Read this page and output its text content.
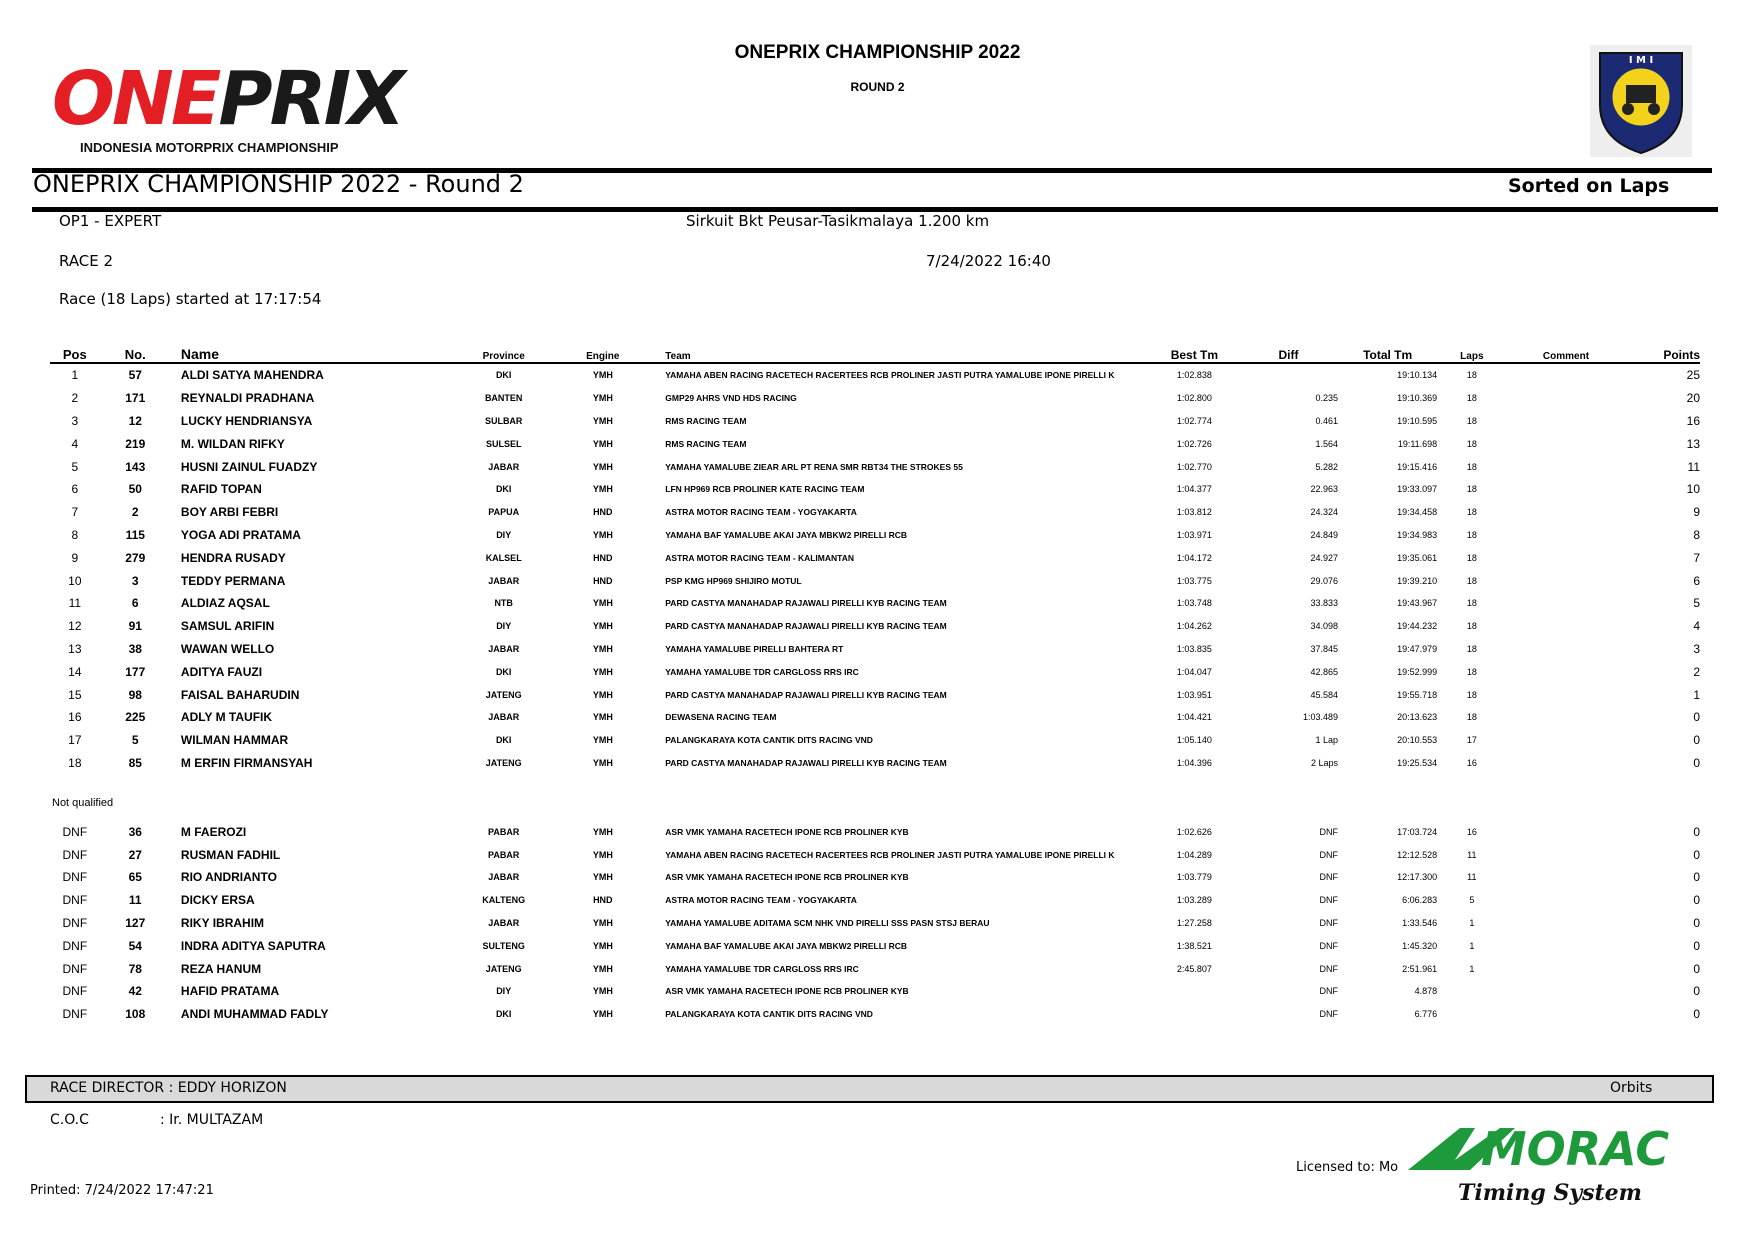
ONEPRIX
INDONESIA MOTORPRIX CHAMPIONSHIP
ONEPRIX CHAMPIONSHIP 2022
ROUND 2
I M I
ONEPRIX CHAMPIONSHIP 2022 - Round 2	Sorted on Laps
OP1 - EXPERT	Sirkuit Bkt Peusar-Tasikmalaya 1.200 km
RACE 2	7/24/2022 16:40
Race (18 Laps) started at 17:17:54
Pos	No.	Name	Province	Engine	Team	Best Tm	Diff	Total Tm	Laps	Comment	Points
1	57	ALDI SATYA MAHENDRA	DKI	YMH	YAMAHA ABEN RACING RACETECH RACERTEES RCB PROLINER JASTI PUTRA YAMALUBE IPONE PIRELLI K	1:02.838		19:10.134	18		25
2	171	REYNALDI PRADHANA	BANTEN	YMH	GMP29 AHRS VND HDS RACING	1:02.800	0.235	19:10.369	18		20
3	12	LUCKY HENDRIANSYA	SULBAR	YMH	RMS RACING TEAM	1:02.774	0.461	19:10.595	18		16
4	219	M. WILDAN RIFKY	SULSEL	YMH	RMS RACING TEAM	1:02.726	1.564	19:11.698	18		13
5	143	HUSNI ZAINUL FUADZY	JABAR	YMH	YAMAHA YAMALUBE ZIEAR ARL PT RENA SMR RBT34 THE STROKES 55	1:02.770	5.282	19:15.416	18		11
6	50	RAFID TOPAN	DKI	YMH	LFN HP969 RCB PROLINER KATE RACING TEAM	1:04.377	22.963	19:33.097	18		10
7	2	BOY ARBI FEBRI	PAPUA	HND	ASTRA MOTOR RACING TEAM - YOGYAKARTA	1:03.812	24.324	19:34.458	18		9
8	115	YOGA ADI PRATAMA	DIY	YMH	YAMAHA BAF YAMALUBE AKAI JAYA MBKW2 PIRELLI RCB	1:03.971	24.849	19:34.983	18		8
9	279	HENDRA RUSADY	KALSEL	HND	ASTRA MOTOR RACING TEAM - KALIMANTAN	1:04.172	24.927	19:35.061	18		7
10	3	TEDDY PERMANA	JABAR	HND	PSP KMG HP969 SHIJIRO MOTUL	1:03.775	29.076	19:39.210	18		6
11	6	ALDIAZ AQSAL	NTB	YMH	PARD CASTYA MANAHADAP RAJAWALI PIRELLI KYB RACING TEAM	1:03.748	33.833	19:43.967	18		5
12	91	SAMSUL ARIFIN	DIY	YMH	PARD CASTYA MANAHADAP RAJAWALI PIRELLI KYB RACING TEAM	1:04.262	34.098	19:44.232	18		4
13	38	WAWAN WELLO	JABAR	YMH	YAMAHA YAMALUBE PIRELLI BAHTERA RT	1:03.835	37.845	19:47.979	18		3
14	177	ADITYA FAUZI	DKI	YMH	YAMAHA YAMALUBE TDR CARGLOSS RRS IRC	1:04.047	42.865	19:52.999	18		2
15	98	FAISAL BAHARUDIN	JATENG	YMH	PARD CASTYA MANAHADAP RAJAWALI PIRELLI KYB RACING TEAM	1:03.951	45.584	19:55.718	18		1
16	225	ADLY M TAUFIK	JABAR	YMH	DEWASENA RACING TEAM	1:04.421	1:03.489	20:13.623	18		0
17	5	WILMAN HAMMAR	DKI	YMH	PALANGKARAYA KOTA CANTIK DITS RACING VND	1:05.140	1 Lap	20:10.553	17		0
18	85	M ERFIN FIRMANSYAH	JATENG	YMH	PARD CASTYA MANAHADAP RAJAWALI PIRELLI KYB RACING TEAM	1:04.396	2 Laps	19:25.534	16		0

DNF	36	M FAEROZI	PABAR	YMH	ASR VMK YAMAHA RACETECH IPONE RCB PROLINER KYB	1:02.626	DNF	17:03.724	16		0
DNF	27	RUSMAN FADHIL	PABAR	YMH	YAMAHA ABEN RACING RACETECH RACERTEES RCB PROLINER JASTI PUTRA YAMALUBE IPONE PIRELLI K	1:04.289	DNF	12:12.528	11		0
DNF	65	RIO ANDRIANTO	JABAR	YMH	ASR VMK YAMAHA RACETECH IPONE RCB PROLINER KYB	1:03.779	DNF	12:17.300	11		0
DNF	11	DICKY ERSA	KALTENG	HND	ASTRA MOTOR RACING TEAM - YOGYAKARTA	1:03.289	DNF	6:06.283	5		0
DNF	127	RIKY IBRAHIM	JABAR	YMH	YAMAHA YAMALUBE ADITAMA SCM NHK VND PIRELLI SSS PASN STSJ BERAU	1:27.258	DNF	1:33.546	1		0
DNF	54	INDRA ADITYA SAPUTRA	SULTENG	YMH	YAMAHA BAF YAMALUBE AKAI JAYA MBKW2 PIRELLI RCB	1:38.521	DNF	1:45.320	1		0
DNF	78	REZA HANUM	JATENG	YMH	YAMAHA YAMALUBE TDR CARGLOSS RRS IRC	2:45.807	DNF	2:51.961	1		0
DNF	42	HAFID PRATAMA	DIY	YMH	ASR VMK YAMAHA RACETECH IPONE RCB PROLINER KYB		DNF	4.878			0
DNF	108	ANDI MUHAMMAD FADLY	DKI	YMH	PALANGKARAYA KOTA CANTIK DITS RACING VND		DNF	6.776			0
Not qualified
RACE DIRECTOR : EDDY HORIZON	Orbits
C.O.C	: Ir. MULTAZAM
Printed: 7/24/2022 17:47:21
Licensed to: Mo MORAC
Timing System
